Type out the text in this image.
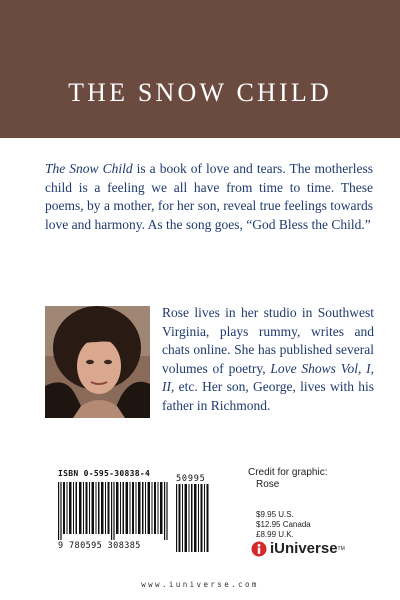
THE SNOW CHILD
The Snow Child is a book of love and tears. The motherless child is a feeling we all have from time to time. These poems, by a mother, for her son, reveal true feelings towards love and harmony. As the song goes, “God Bless the Child.”
Rose lives in her studio in Southwest Virginia, plays rummy, writes and chats online. She has published several volumes of poetry, Love Shows Vol, I, II, etc. Her son, George, lives with his father in Richmond.
ISBN 0-595-30838-4
9 780595 308385
50995
Credit for graphic:
Rose
$9.95 U.S.
$12.95 Canada
£8.99 U.K.
iUniverse TM
www.iuniverse.com
